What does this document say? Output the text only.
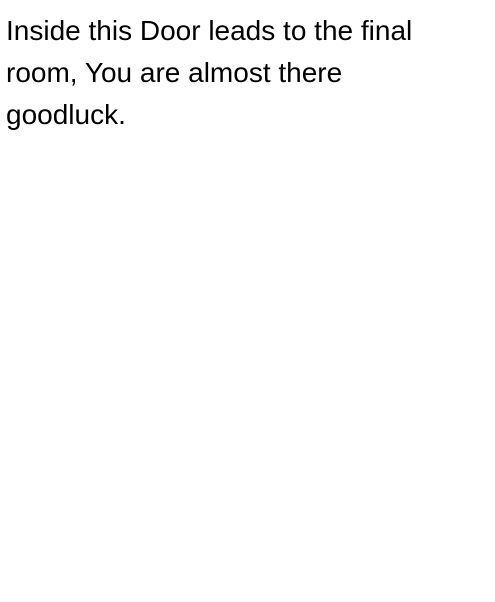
Inside this Door leads to the final
room, You are almost there
goodluck.
